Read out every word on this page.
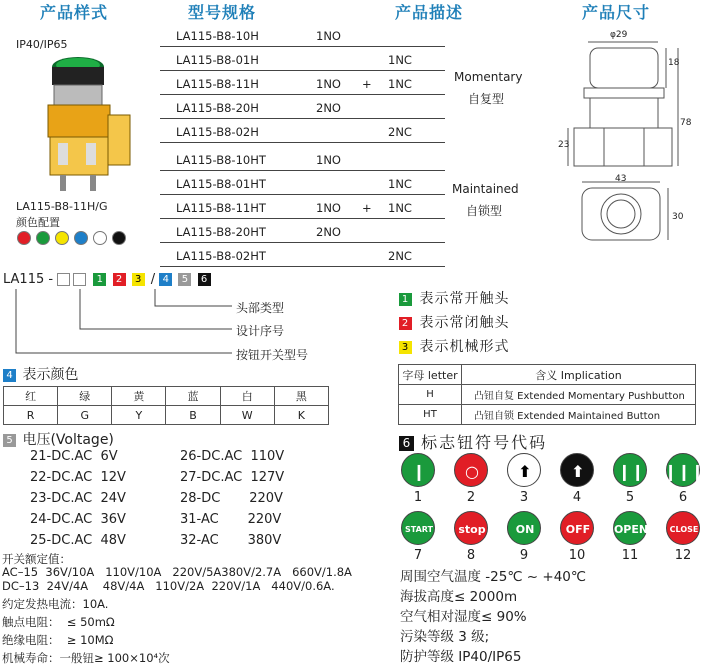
产品样式	型号规格	产品描述	产品尺寸
IP40/IP65
LA115-B8-11H/G
颜色配置
LA115-B8-10H	1NO
LA115-B8-01H	1NC
LA115-B8-11H	1NO + 1NC
LA115-B8-20H	2NO
LA115-B8-02H	2NC
LA115-B8-10HT	1NO
LA115-B8-01HT	1NC
LA115-B8-11HT	1NO + 1NC
LA115-B8-20HT	2NO
LA115-B8-02HT	2NC
Momentary
自复型
Maintained
自锁型
φ29
18
78
23
43
30
LA115 -	1 2 3 / 4 5 6
头部类型
设计序号
按钮开关型号
1 表示常开触头
2 表示常闭触头
3 表示机械形式
字母 letter	含义 Implication
H	凸钮自复 Extended Momentary Pushbutton
HT	凸钮自锁 Extended Maintained Button
4 表示颜色
红	绿	黄	蓝	白	黑
R	G	Y	B	W	K
5 电压(Voltage)
21-DC.AC  6V
22-DC.AC  12V
23-DC.AC  24V
24-DC.AC  36V
25-DC.AC  48V
26-DC.AC  110V
27-DC.AC  127V
28-DC       220V
31-AC       220V
32-AC       380V
开关额定值：
AC–15  36V/10A   110V/10A   220V/5A380V/2.7A   660V/1.8A
DC–13  24V/4A    48V/4A   110V/2A  220V/1A   440V/0.6A.
约定发热电流：10A.
触点电阻：  ≤ 50mΩ
绝缘电阻：  ≥ 10MΩ
机械寿命：一般钮≥ 100×10⁴次
6 标志钮符号代码
❙
1
○
2
⬆
3
⬆
4
❙❙
5
❙❙❙
6
START
7
stop
8
ON
9
OFF
10
OPEN
11
CLOSE
12
周围空气温度 -25℃ ~ +40℃
海拔高度≤ 2000m
空气相对湿度≤ 90%
污染等级 3 级;
防护等级 IP40/IP65
